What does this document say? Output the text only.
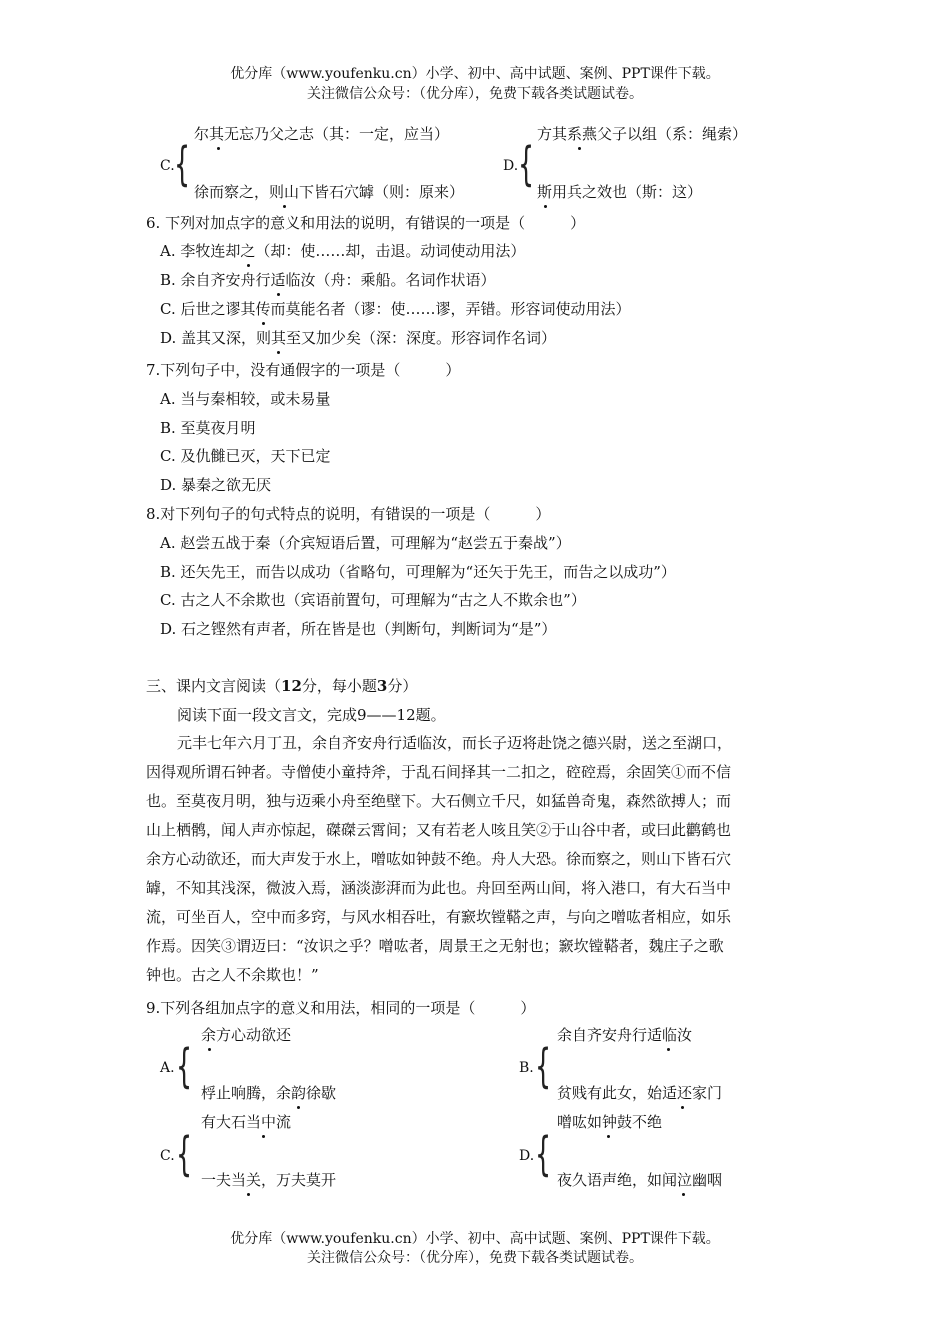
优分库（www.youfenku.cn）小学、初中、高中试题、案例、PPT课件下载。
关注微信公众号：（优分库），免费下载各类试题试卷。
C. {
尔其无忘乃父之志（其：一定，应当）
徐而察之，则山下皆石穴罅（则：原来）
D. {
方其系燕父子以组（系：绳索）
斯用兵之效也（斯：这）
6. 下列对加点字的意义和用法的说明，有错误的一项是（　　　）
A. 李牧连却之（却：使……却，击退。动词使动用法）
B. 余自齐安舟行适临汝（舟：乘船。名词作状语）
C. 后世之谬其传而莫能名者（谬：使……谬，弄错。形容词使动用法）
D. 盖其又深，则其至又加少矣（深：深度。形容词作名词）
7.下列句子中，没有通假字的一项是（　　　）
A. 当与秦相较，或未易量
B. 至莫夜月明
C. 及仇雠已灭，天下已定
D. 暴秦之欲无厌
8.对下列句子的句式特点的说明，有错误的一项是（　　　）
A. 赵尝五战于秦（介宾短语后置，可理解为“赵尝五于秦战”）
B. 还矢先王，而告以成功（省略句，可理解为“还矢于先王，而告之以成功”）
C. 古之人不余欺也（宾语前置句，可理解为“古之人不欺余也”）
D. 石之铿然有声者，所在皆是也（判断句，判断词为“是”）
三、课内文言阅读（12分，每小题3分）
阅读下面一段文言文，完成9——12题。
元丰七年六月丁丑，余自齐安舟行适临汝，而长子迈将赴饶之德兴尉，送之至湖口，
因得观所谓石钟者。寺僧使小童持斧，于乱石间择其一二扣之，硿硿焉，余固笑①而不信
也。至莫夜月明，独与迈乘小舟至绝壁下。大石侧立千尺，如猛兽奇鬼，森然欲搏人；而
山上栖鹘，闻人声亦惊起，磔磔云霄间；又有若老人咳且笑②于山谷中者，或曰此鹳鹤也
余方心动欲还，而大声发于水上，噌吰如钟鼓不绝。舟人大恐。徐而察之，则山下皆石穴
罅，不知其浅深，微波入焉，涵淡澎湃而为此也。舟回至两山间，将入港口，有大石当中
流，可坐百人，空中而多窍，与风水相吞吐，有窾坎镗鞳之声，与向之噌吰者相应，如乐
作焉。因笑③谓迈曰：“汝识之乎？噌吰者，周景王之无射也；窾坎镗鞳者，魏庄子之歌
钟也。古之人不余欺也！”
9.下列各组加点字的意义和用法，相同的一项是（　　　）
A. {
余方心动欲还
桴止响腾，余韵徐歇
B. {
余自齐安舟行适临汝
贫贱有此女，始适还家门
C. {
有大石当中流
一夫当关，万夫莫开
D. {
噌吰如钟鼓不绝
夜久语声绝，如闻泣幽咽
优分库（www.youfenku.cn）小学、初中、高中试题、案例、PPT课件下载。
关注微信公众号：（优分库），免费下载各类试题试卷。
